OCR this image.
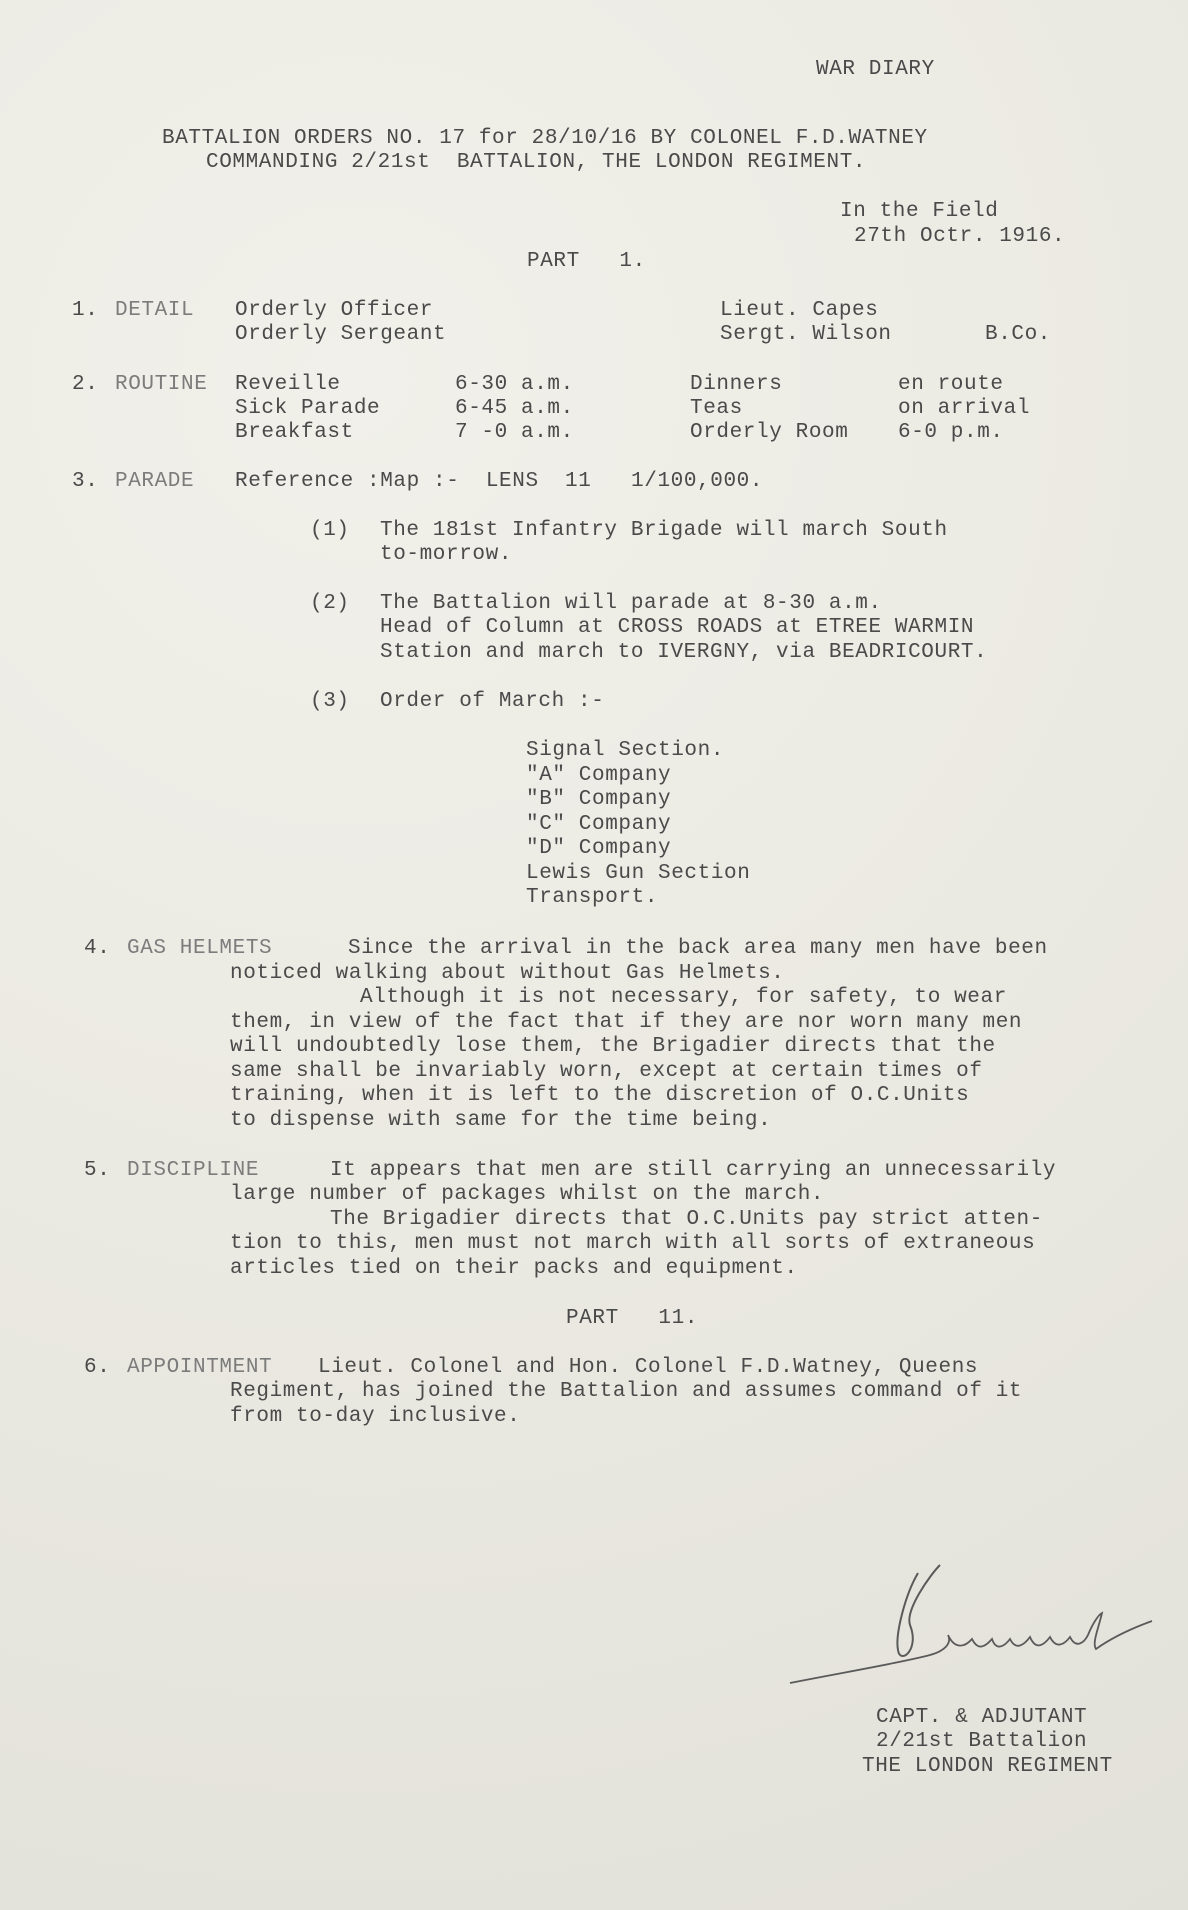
WAR DIARY
BATTALION ORDERS NO. 17 for 28/10/16 BY COLONEL F.D.WATNEY
COMMANDING 2/21st  BATTALION, THE LONDON REGIMENT.
In the Field
27th Octr. 1916.
PART   1.
1. DETAIL Orderly Officer	Lieut. Capes
Orderly Sergeant	Sergt. Wilson	B.Co.
2. ROUTINE Reveille	6-30 a.m.	Dinners	en route
Sick Parade	6-45 a.m.	Teas	on arrival
Breakfast	7 -0 a.m.	Orderly Room 6-0 p.m.
3. PARADE Reference :Map :-  LENS  11   1/100,000.
(1) The 181st Infantry Brigade will march South
to-morrow.
(2) The Battalion will parade at 8-30 a.m.
Head of Column at CROSS ROADS at ETREE WARMIN
Station and march to IVERGNY, via BEADRICOURT.
(3) Order of March :-
Signal Section.
"A" Company
"B" Company
"C" Company
"D" Company
Lewis Gun Section
Transport.
4. GAS HELMETS	Since the arrival in the back area many men have been
noticed walking about without Gas Helmets.
Although it is not necessary, for safety, to wear
them, in view of the fact that if they are nor worn many men
will undoubtedly lose them, the Brigadier directs that the
same shall be invariably worn, except at certain times of
training, when it is left to the discretion of O.C.Units
to dispense with same for the time being.
5. DISCIPLINE	It appears that men are still carrying an unnecessarily
large number of packages whilst on the march.
The Brigadier directs that O.C.Units pay strict atten-
tion to this, men must not march with all sorts of extraneous
articles tied on their packs and equipment.
PART   11.
6. APPOINTMENT Lieut. Colonel and Hon. Colonel F.D.Watney, Queens
Regiment, has joined the Battalion and assumes command of it
from to-day inclusive.
CAPT. & ADJUTANT
2/21st Battalion
THE LONDON REGIMENT
